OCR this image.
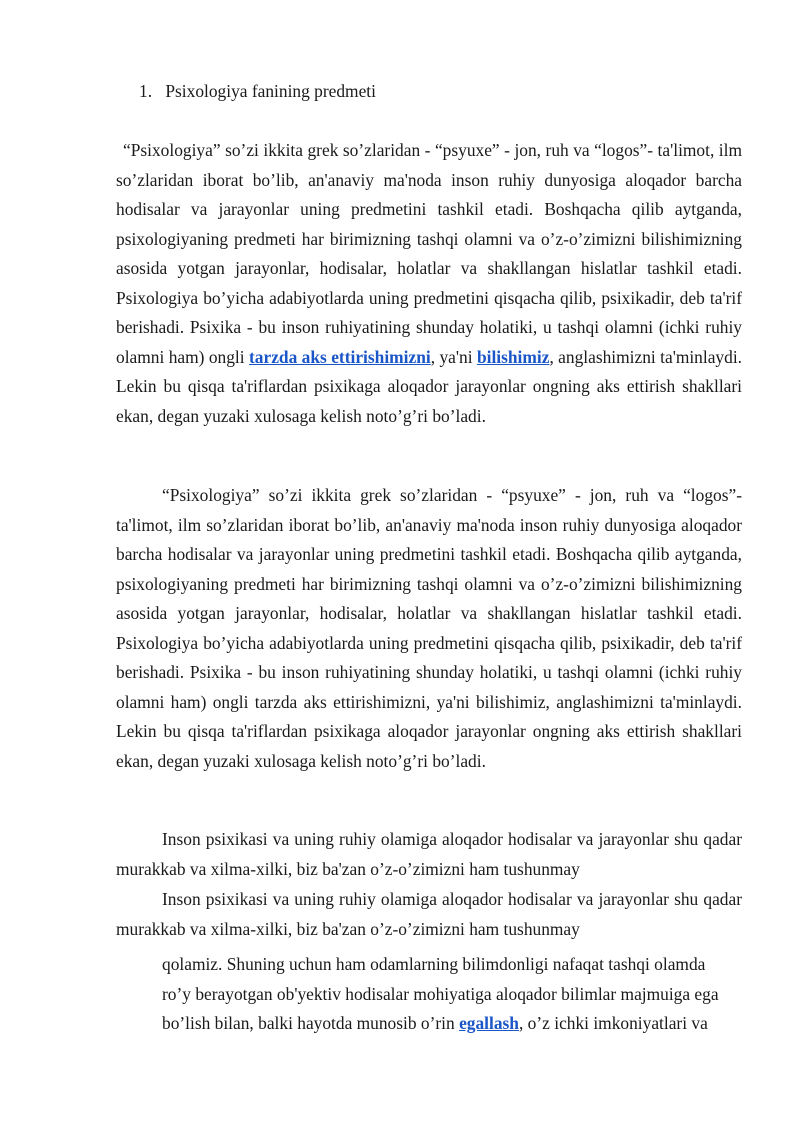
1. Psixologiya fanining predmeti

“Psixologiya” so’zi ikkita grek so’zlaridan - “psyuxe” - jon, ruh va “logos”- ta'limot, ilm so’zlaridan iborat bo’lib, an'anaviy ma'noda inson ruhiy dunyosiga aloqador barcha hodisalar va jarayonlar uning predmetini tashkil etadi. Boshqacha qilib aytganda, psixologiyaning predmeti har birimizning tashqi olamni va o’z-o’zimizni bilishimizning asosida yotgan jarayonlar, hodisalar, holatlar va shakllangan hislatlar tashkil etadi. Psixologiya bo’yicha adabiyotlarda uning predmetini qisqacha qilib, psixikadir, deb ta'rif berishadi. Psixika - bu inson ruhiyatining shunday holatiki, u tashqi olamni (ichki ruhiy olamni ham) ongli tarzda aks ettirishimizni, ya'ni bilishimiz, anglashimizni ta'minlaydi. Lekin bu qisqa ta'riflardan psixikaga aloqador jarayonlar ongning aks ettirish shakllari ekan, degan yuzaki xulosaga kelish noto’g’ri bo’ladi.

“Psixologiya” so’zi ikkita grek so’zlaridan - “psyuxe” - jon, ruh va “logos”- ta'limot, ilm so’zlaridan iborat bo’lib, an'anaviy ma'noda inson ruhiy dunyosiga aloqador barcha hodisalar va jarayonlar uning predmetini tashkil etadi. Boshqacha qilib aytganda, psixologiyaning predmeti har birimizning tashqi olamni va o’z-o’zimizni bilishimizning asosida yotgan jarayonlar, hodisalar, holatlar va shakllangan hislatlar tashkil etadi. Psixologiya bo’yicha adabiyotlarda uning predmetini qisqacha qilib, psixikadir, deb ta'rif berishadi. Psixika - bu inson ruhiyatining shunday holatiki, u tashqi olamni (ichki ruhiy olamni ham) ongli tarzda aks ettirishimizni, ya'ni bilishimiz, anglashimizni ta'minlaydi. Lekin bu qisqa ta'riflardan psixikaga aloqador jarayonlar ongning aks ettirish shakllari ekan, degan yuzaki xulosaga kelish noto’g’ri bo’ladi.

Inson psixikasi va uning ruhiy olamiga aloqador hodisalar va jarayonlar shu qadar murakkab va xilma-xilki, biz ba'zan o’z-o’zimizni ham tushunmay

Inson psixikasi va uning ruhiy olamiga aloqador hodisalar va jarayonlar shu qadar murakkab va xilma-xilki, biz ba'zan o’z-o’zimizni ham tushunmay

qolamiz. Shuning uchun ham odamlarning bilimdonligi nafaqat tashqi olamda
ro’y berayotgan ob'yektiv hodisalar mohiyatiga aloqador bilimlar majmuiga ega
bo’lish bilan, balki hayotda munosib o’rin egallash, o’z ichki imkoniyatlari va
